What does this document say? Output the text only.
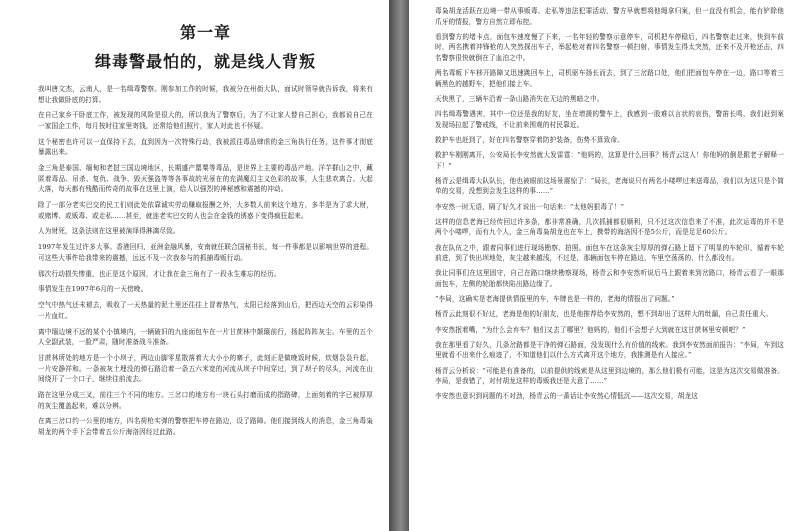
第一章
缉毒警最怕的，就是线人背叛

我叫唐文杰，云南人，是一名缉毒警察。刚参加工作的时候，我被分在州街大队，面试时领导就告诉我，将来有想让我做卧底的打算。

在自己家乡干卧底工作，被发现的风险是很大的，所以我为了警察后，为了不让家人替自己担心，我都说自己在一家国企工作，每月按时往家里寄钱，还常给他们照片，家人对此也不怀疑。

这个秘密也许可以一直保持下去，直到因为一次特殊行动，我被派往毒品肆虐的金三角执行任务，这件事才彻底暴露出来。

金三角是泰国、缅甸和老挝三国边境地区，长期盛产罂粟等毒品，是世界上主要的毒品产地。洋芋群山之中，藏匿着毒品、吊杀、复仇、战争、毁灭强盗等等各事故的光景在的充满魔幻主义色彩的故事，人生悲欢离合、大起大落，每天都有残酷而传奇的故事在这里上演，给人以强烈的神秘感和震撼的冲动。

除了一部分老实巴交的民工们则此处依靠诚实劳动赚取报酬之外，大多数人前来这个地方，多半是为了求大财，或赌博、或贩毒、或走私……甚至，就连老实巴交的人也会在金钱的诱惑下变得疯狂起来。

人为财死，这条法则在这里被演绎得淋漓尽致。

1997年发生过许多大事。香港回归，亚洲金融风暴，安南就任联合国秘书长，每一件事都是以影响世界的进程。可这些大事件给我带来的震撼，远远不及一次我参与的抓捕毒贩行动。

那次行动损失惨重，也正是这个原因，才让我在金三角有了一段永生难忘的经历。

事情发生在1997年6月的一天傍晚。

空气中热气还未褪去，吸收了一天热量的泥土里还往往上冒着热气，太阳已经落到山后，把西边天空的云彩染得一片血红。

离中缅边境不远的某个小镇境内，一辆破旧的九座面包车在一片甘蔗林中颠簸前行，扬起阵阵灰尘。车里的五个人全副武装，一脸严肃，随时准备战斗准备。

甘蔗林所处的地方是一个小坝子，两边山脚零星散落着大大小小的寨子，此刻正是做晚饭时候，炊烟袅袅升起，一片安静祥和。一条被灰土埋没的弹石路沿着一条五六米宽的河流从坝子中间穿过，到了坝子的尽头，河流在山间绕开了一个口子，继续往前流去。

路在这里分成三叉，前往三个不同的地方。三岔口的地方有一块石头打磨而成的指路碑，上面刻着的字已被厚厚的灰尘覆盖起来，难以分辨。

在离三岔口约一公里的地方，四名荷枪实弹的警察把车停在路边，设了路障。他们接到线人的消息，金三角毒枭胡龙的两个手下会带着五公斤海洛因经过此路。

毒枭胡龙活跃在边境一带从事贩毒、走私等违法犯罪活动，警方早就想将他绳拿归案，但一直没有机会，能有铲除他爪牙的情报，警方自然立即布控。

看到警方的堵卡点，面包车速度慢了下来，一名年轻的警察示意停车，司机把车停稳后，四名警察走过来，快到车前时，两名携着冲锋枪的人突然探出车子，举起枪对着四名警察一顿扫射，事情发生得太突然，还来不及开枪还击，四名警察很快就倒在了血泊之中。

两名毒贩下车移开路障又迅速跳回车上，司机驱车扬长而去，到了三岔路口处，他们把面包车停在一边，路口等着三辆黑色的越野车，把他们接上车。

天快黑了，三辆车沿着一条山路消失在无边的黑暗之中。

四名缉毒警遇害，其中一位还是我的好友，坐在增援的警车上，我感到一股难以言状的哀伤，警笛长鸣，我们赶到案发现场拉起了警戒线，不让前来围观的村民靠近。

救护车也赶到了，好在四名警察穿着防护装备，伤势不算致命。

救护车刚刚离开，公安局长李安然就大发雷霆：“他妈的，这算是什么回事？杨青云这人！你他妈的倒是跟老子解释一下！”

杨青云是缉毒大队队长，他也被眼前这场景震惊了：“局长，老海说只有两名小喽啰过来送毒品，我们以为这只是个简单的交易，没想到会发生这样的事……”

李安然一时无语，隔了好久才说出一句话来：“太他妈狠毒了！”

这样的信息老海已经传回过许多条，都非常准确，几次抓捕都很顺利，只不过这次信息来了不准，此次运毒的并不是两个小喽啰，而有九个人，金三角毒枭胡龙也在车上，携带的海洛因不是5公斤，而是足足60公斤。

我在队伍之中，跟着同事们进行现场勘察、拍照。面包车在这条灰尘厚厚的弹石路上留下了明显的车轮印，循着车轮前进，到了快出坝地处，灰尘越来越浅，不过是，那辆面包车停在路边，车里空荡荡的，什么都没有。

我让同事们在这里固守，自己在路口继续勘察现场，杨青云和李安然听说后马上跟着来到岔路口，杨青云看了一眼那面包车，左侧的轮胎都快陷出路边缘了。

“李局，这确实是老海提供情报里的车，车牌也是一样的，老海的情报出了问题。”

杨青云此刻很不好过，老海是他的好朋友，也是他推荐给李安然的，想不到却出了这样大的纰漏，自己责任重大。

李安然抿着嘴，“为什么会弃车？他们又去了哪里？他妈的，他们不会想子大到就在这甘蔗林里安顿吧？”

我在那里看了好久，几条岔路都是干净的弹石路面，没发现什么有价值的线索。我到李安然面前报告：“李局，车到这里就看不出来什么痕迹了，不知道他们以什么方式离开这个地方，我推测是有人接应。”

杨青云分析说：“可能是有准备的，以前提供的线索是从这里到边境的，那么他们极有可能，这是为这次交易做准备。李局，是我错了，对付胡龙这样的毒贩我还是大意了……”

李安然也意识到问题的不对劲，杨青云的一番话让李安然心情低沉——这次交易，胡龙这
